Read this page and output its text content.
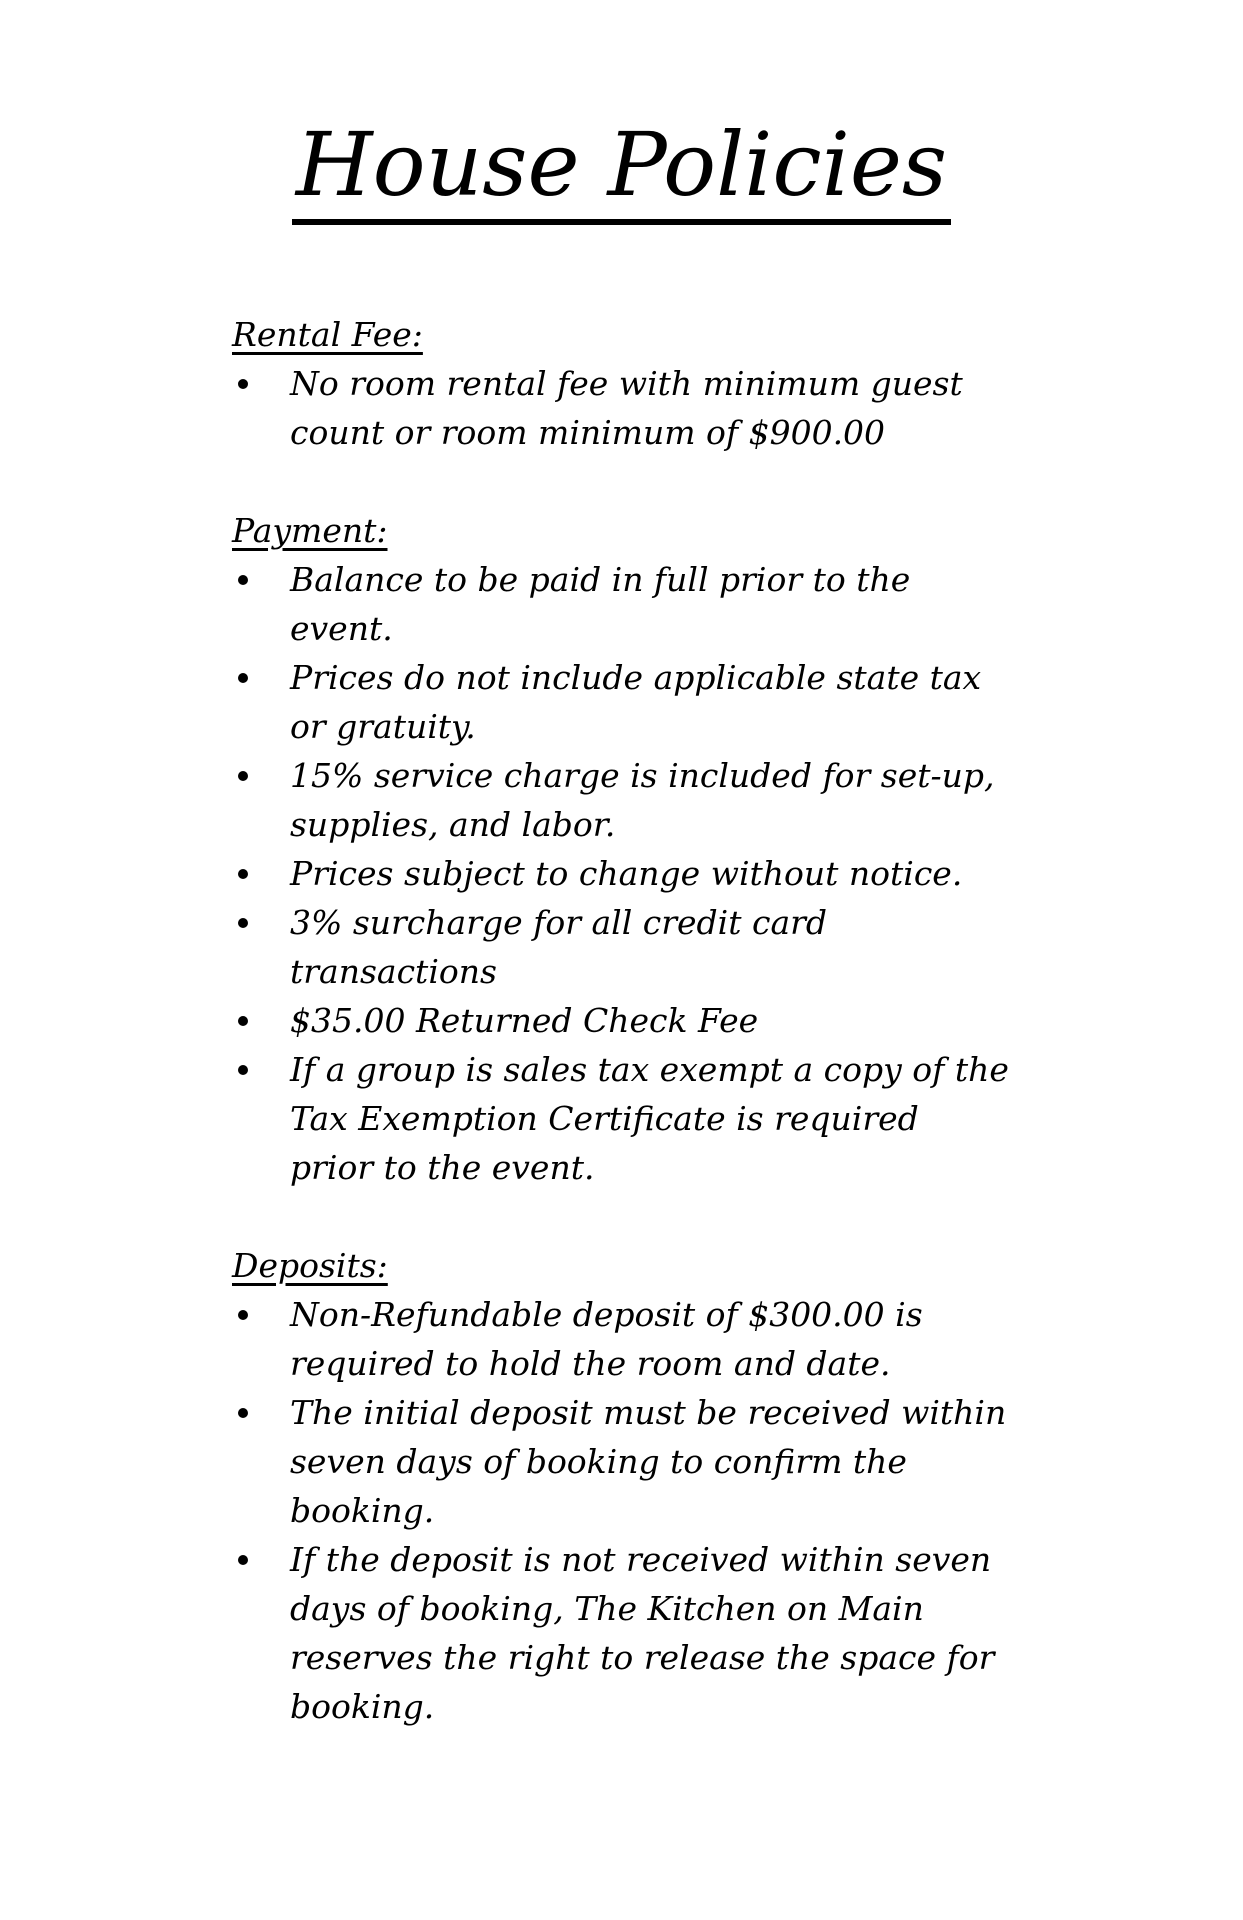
House Policies

Rental Fee:

No room rental fee with minimum guest count or room minimum of $900.00

Payment:

Balance to be paid in full prior to the event.
Prices do not include applicable state tax or gratuity.
15% service charge is included for set-up, supplies, and labor.
Prices subject to change without notice.
3% surcharge for all credit card transactions
$35.00 Returned Check Fee
If a group is sales tax exempt a copy of the Tax Exemption Certificate is required prior to the event.

Deposits:

Non-Refundable deposit of $300.00 is required to hold the room and date.
The initial deposit must be received within seven days of booking to confirm the booking.
If the deposit is not received within seven days of booking, The Kitchen on Main reserves the right to release the space for booking.
